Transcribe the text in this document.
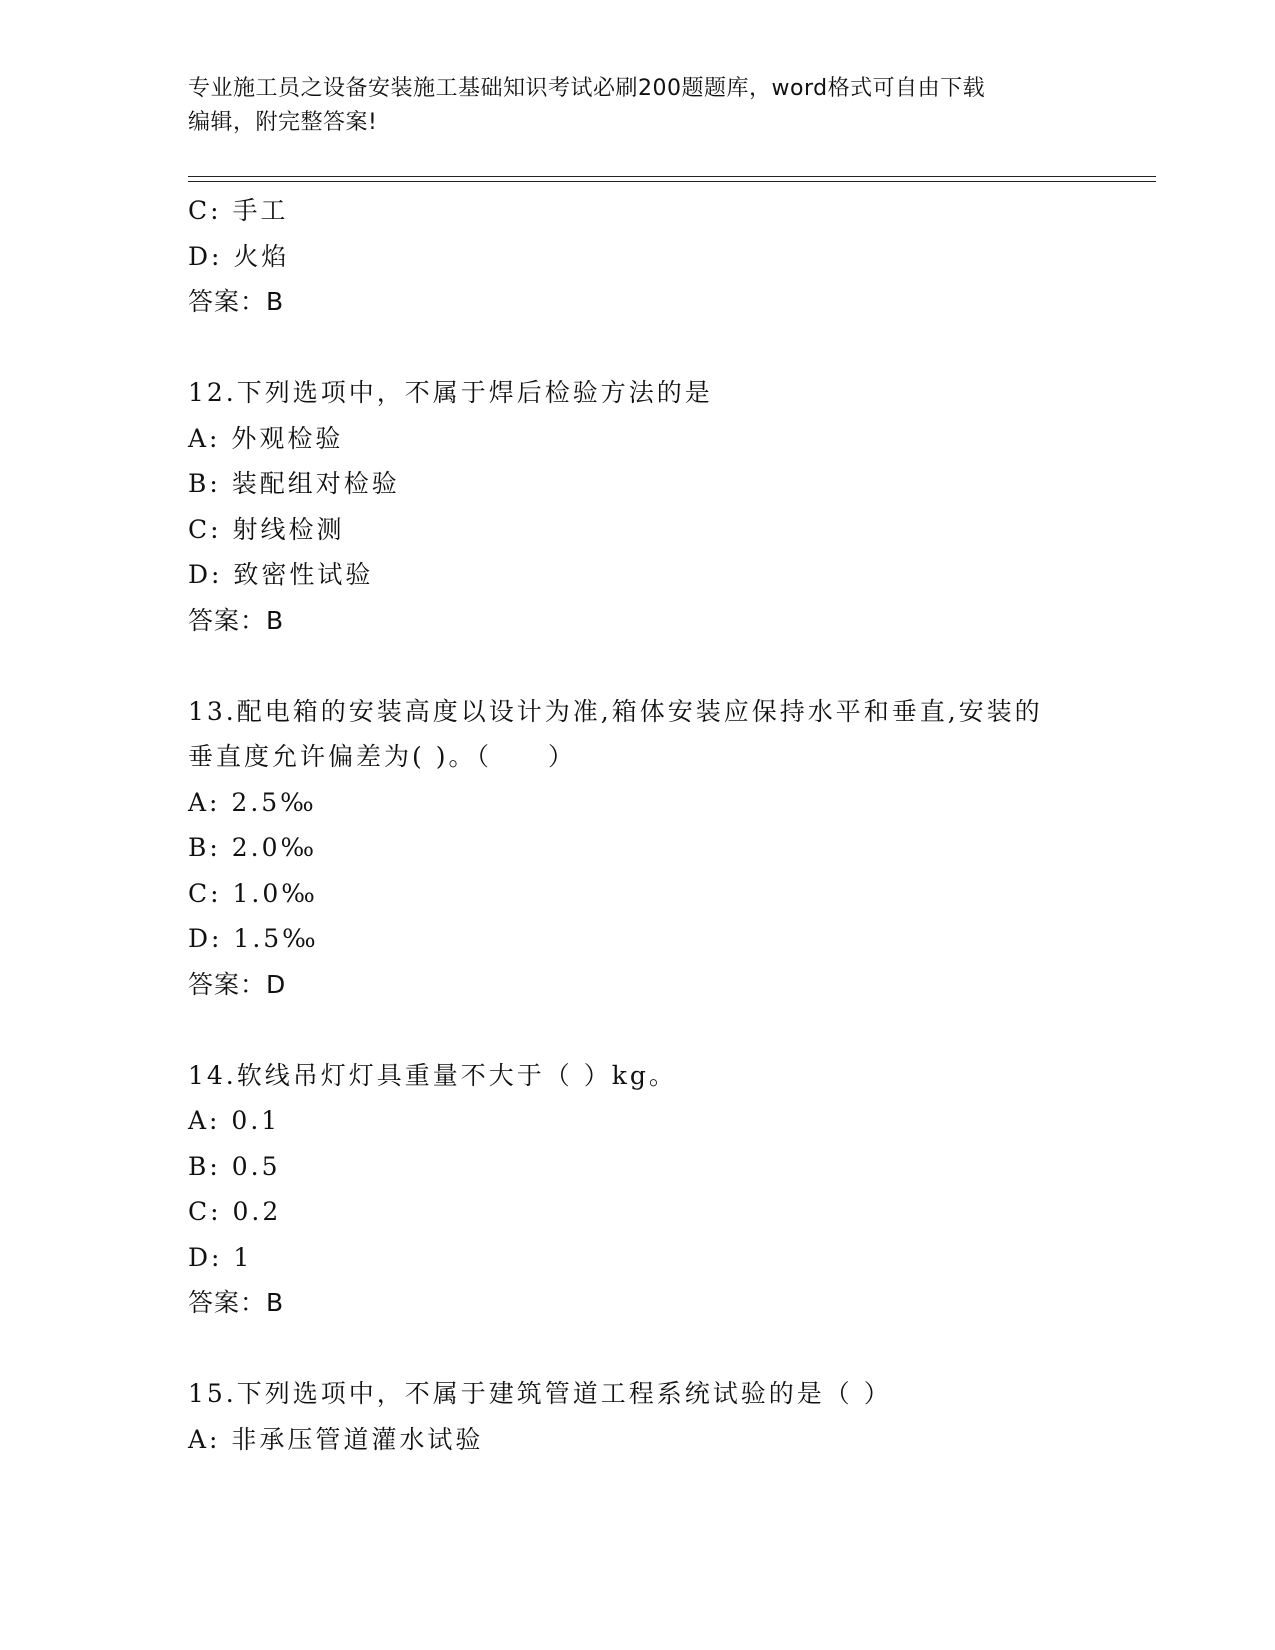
专业施工员之设备安装施工基础知识考试必刷200题题库，word格式可自由下载
编辑，附完整答案!
C: 手工
D: 火焰
答案：B
12.下列选项中，不属于焊后检验方法的是
A: 外观检验
B: 装配组对检验
C: 射线检测
D: 致密性试验
答案：B
13.配电箱的安装高度以设计为准,箱体安装应保持水平和垂直,安装的
垂直度允许偏差为( )。（　　）
A: 2.5‰
B: 2.0‰
C: 1.0‰
D: 1.5‰
答案：D
14.软线吊灯灯具重量不大于（ ）kg。
A: 0.1
B: 0.5
C: 0.2
D: 1
答案：B
15.下列选项中，不属于建筑管道工程系统试验的是（ ）
A: 非承压管道灌水试验
